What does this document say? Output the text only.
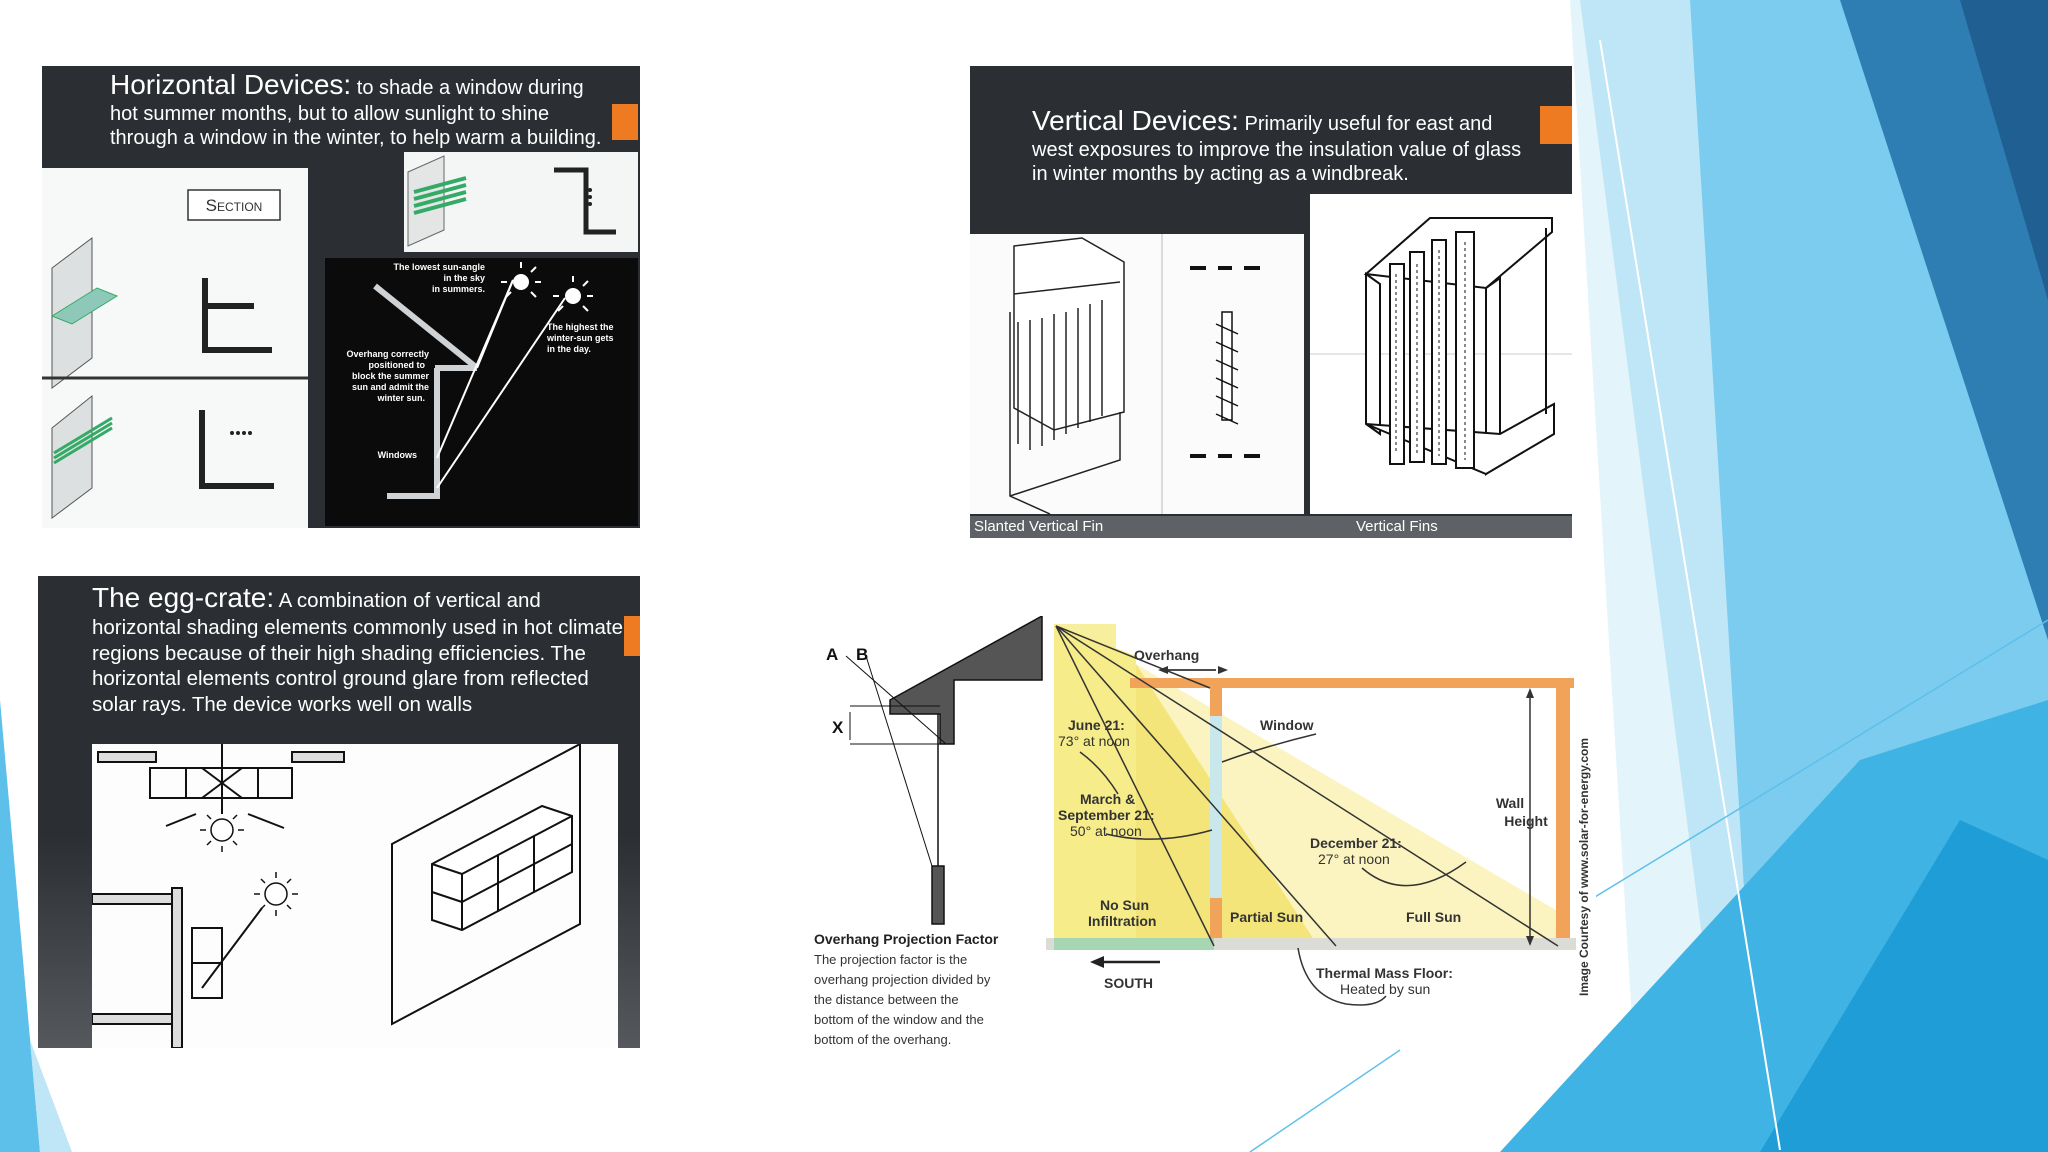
Horizontal Devices: to shade a window during hot summer months, but to allow sunlight to shine through a window in the winter, to help warm a building.
Section
The lowest sun-angle
in the sky
in summers.
The highest the
winter-sun gets
in the day.
Overhang correctly
positioned to
block the summer
sun and admit the
winter sun.
Windows
Vertical Devices: Primarily useful for east and west exposures to improve the insulation value of glass in winter months by acting as a windbreak.
Slanted Vertical Fin	Vertical Fins
The egg-crate: A combination of vertical and horizontal shading elements commonly used in hot climate regions because of their high shading efficiencies. The horizontal elements control ground glare from reflected solar rays. The device works well on walls
A B
X
Overhang Projection Factor
The projection factor is the
overhang projection divided by
the distance between the
bottom of the window and the
bottom of the overhang.
Overhang
Window
June 21:
73° at noon
March &
September 21:
50° at noon
December 21:
27° at noon
Wall
Height
No Sun
Infiltration	Partial Sun	Full Sun
SOUTH
Thermal Mass Floor:
Heated by sun	Image Courtesy of www.solar-for-energy.com
